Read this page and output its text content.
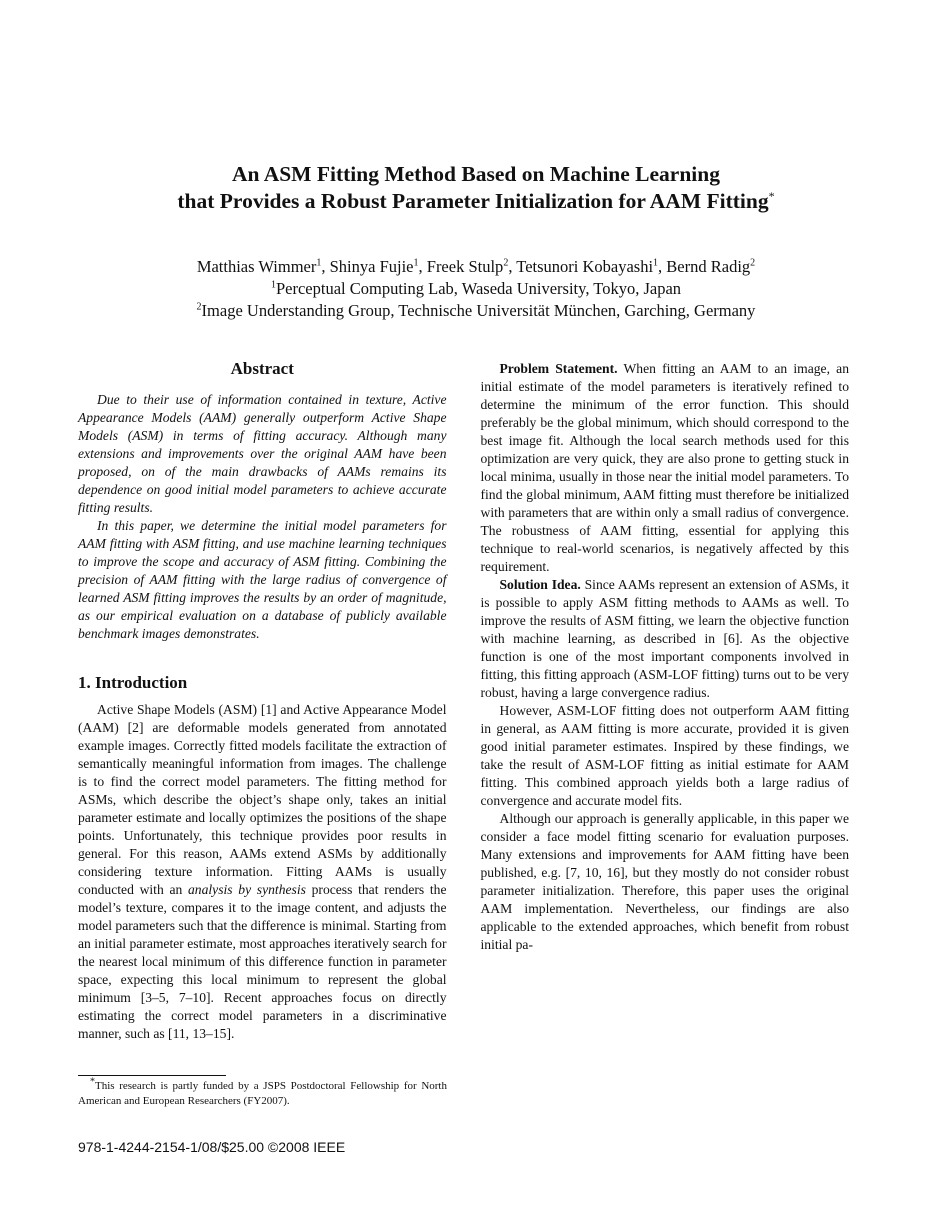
An ASM Fitting Method Based on Machine Learning
that Provides a Robust Parameter Initialization for AAM Fitting*
Matthias Wimmer$^1$, Shinya Fujie$^1$, Freek Stulp$^2$, Tetsunori Kobayashi$^1$, Bernd Radig$^2$
$^1$Perceptual Computing Lab, Waseda University, Tokyo, Japan
$^2$Image Understanding Group, Technische Universität München, Garching, Germany
*This research is partly funded by a JSPS Postdoctoral Fellowship for North American and European Researchers (FY2007).
978-1-4244-2154-1/08/$25.00 ©2008 IEEE
Abstract

Due to their use of information contained in texture, Active Appearance Models (AAM) generally outperform Active Shape Models (ASM) in terms of fitting accuracy. Although many extensions and improvements over the original AAM have been proposed, on of the main drawbacks of AAMs remains its dependence on good initial model parameters to achieve accurate fitting results.

In this paper, we determine the initial model parameters for AAM fitting with ASM fitting, and use machine learning techniques to improve the scope and accuracy of ASM fitting. Combining the precision of AAM fitting with the large radius of convergence of learned ASM fitting improves the results by an order of magnitude, as our empirical evaluation on a database of publicly available benchmark images demonstrates.

1. Introduction

Active Shape Models (ASM) [1] and Active Appearance Model (AAM) [2] are deformable models generated from annotated example images. Correctly fitted models facilitate the extraction of semantically meaningful information from images. The challenge is to find the correct model parameters. The fitting method for ASMs, which describe the object’s shape only, takes an initial parameter estimate and locally optimizes the positions of the shape points. Unfortunately, this technique provides poor results in general. For this reason, AAMs extend ASMs by additionally considering texture information. Fitting AAMs is usually conducted with an analysis by synthesis process that renders the model’s texture, compares it to the image content, and adjusts the model parameters such that the difference is minimal. Starting from an initial parameter estimate, most approaches iteratively search for the nearest local minimum of this difference function in parameter space, expecting this local minimum to represent the global minimum [3–5, 7–10]. Recent approaches focus on directly estimating the correct model parameters in a discriminative manner, such as [11, 13–15].

Problem Statement. When fitting an AAM to an image, an initial estimate of the model parameters is iteratively refined to determine the minimum of the error function. This should preferably be the global minimum, which should correspond to the best image fit. Although the local search methods used for this optimization are very quick, they are also prone to getting stuck in local minima, usually in those near the initial model parameters. To find the global minimum, AAM fitting must therefore be initialized with parameters that are within only a small radius of convergence. The robustness of AAM fitting, essential for applying this technique to real-world scenarios, is negatively affected by this requirement.

Solution Idea. Since AAMs represent an extension of ASMs, it is possible to apply ASM fitting methods to AAMs as well. To improve the results of ASM fitting, we learn the objective function with machine learning, as described in [6]. As the objective function is one of the most important components involved in fitting, this fitting approach (ASM-LOF fitting) turns out to be very robust, having a large convergence radius.

However, ASM-LOF fitting does not outperform AAM fitting in general, as AAM fitting is more accurate, provided it is given good initial parameter estimates. Inspired by these findings, we take the result of ASM-LOF fitting as initial estimate for AAM fitting. This combined approach yields both a large radius of convergence and accurate model fits.

Although our approach is generally applicable, in this paper we consider a face model fitting scenario for evaluation purposes. Many extensions and improvements for AAM fitting have been published, e.g. [7, 10, 16], but they mostly do not consider robust parameter initialization. Therefore, this paper uses the original AAM implementation. Nevertheless, our findings are also applicable to the extended approaches, which benefit from robust initial pa-
